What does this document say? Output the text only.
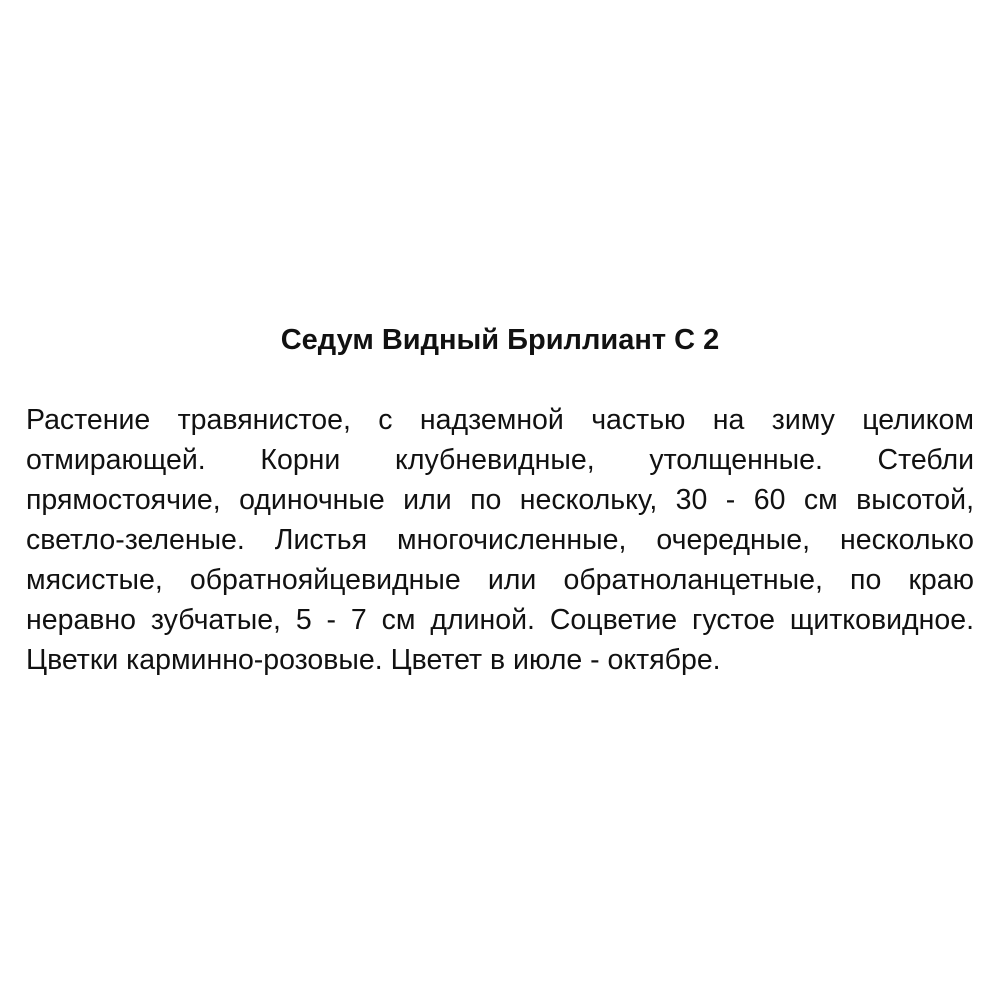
Седум Видный Бриллиант С 2

Растение травянистое, с надземной частью на зиму целиком отмирающей. Корни клубневидные, утолщенные. Стебли прямостоячие, одиночные или по нескольку, 30 - 60 см высотой, светло-зеленые. Листья многочисленные, очередные, несколько мясистые, обратнояйцевидные или обратноланцетные, по краю неравно зубчатые, 5 - 7 см длиной. Соцветие густое щитковидное. Цветки карминно-розовые. Цветет в июле - октябре.
